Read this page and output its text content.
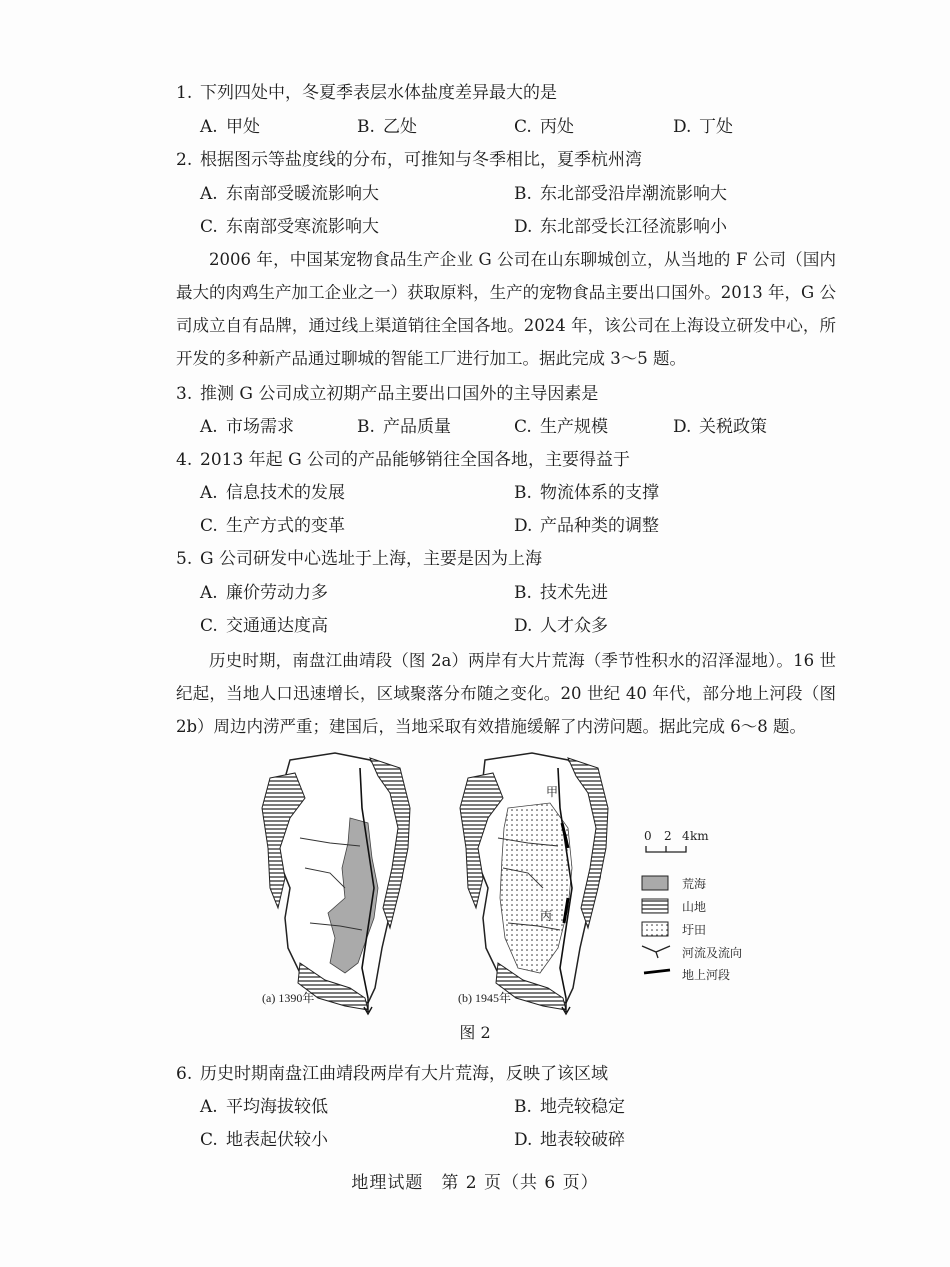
1. 下列四处中，冬夏季表层水体盐度差异最大的是
A. 甲处	B. 乙处	C. 丙处	D. 丁处
2. 根据图示等盐度线的分布，可推知与冬季相比，夏季杭州湾
A. 东南部受暖流影响大	B. 东北部受沿岸潮流影响大
C. 东南部受寒流影响大	D. 东北部受长江径流影响小
2006 年，中国某宠物食品生产企业 G 公司在山东聊城创立，从当地的 F 公司（国内最大的肉鸡生产加工企业之一）获取原料，生产的宠物食品主要出口国外。2013 年，G 公司成立自有品牌，通过线上渠道销往全国各地。2024 年，该公司在上海设立研发中心，所开发的多种新产品通过聊城的智能工厂进行加工。据此完成 3～5 题。
3. 推测 G 公司成立初期产品主要出口国外的主导因素是
A. 市场需求	B. 产品质量	C. 生产规模	D. 关税政策
4. 2013 年起 G 公司的产品能够销往全国各地，主要得益于
A. 信息技术的发展	B. 物流体系的支撑
C. 生产方式的变革	D. 产品种类的调整
5. G 公司研发中心选址于上海，主要是因为上海
A. 廉价劳动力多	B. 技术先进
C. 交通通达度高	D. 人才众多
历史时期，南盘江曲靖段（图 2a）两岸有大片荒海（季节性积水的沼泽湿地）。16 世纪起，当地人口迅速增长，区域聚落分布随之变化。20 世纪 40 年代，部分地上河段（图 2b）周边内涝严重；建国后，当地采取有效措施缓解了内涝问题。据此完成 6～8 题。
(a) 1390年
甲
丙
(b) 1945年
0 2 4 km
荒海
山地
圩田
河流及流向
地上河段
图 2
6. 历史时期南盘江曲靖段两岸有大片荒海，反映了该区域
A. 平均海拔较低	B. 地壳较稳定
C. 地表起伏较小	D. 地表较破碎
地理试题　第 2 页（共 6 页）
